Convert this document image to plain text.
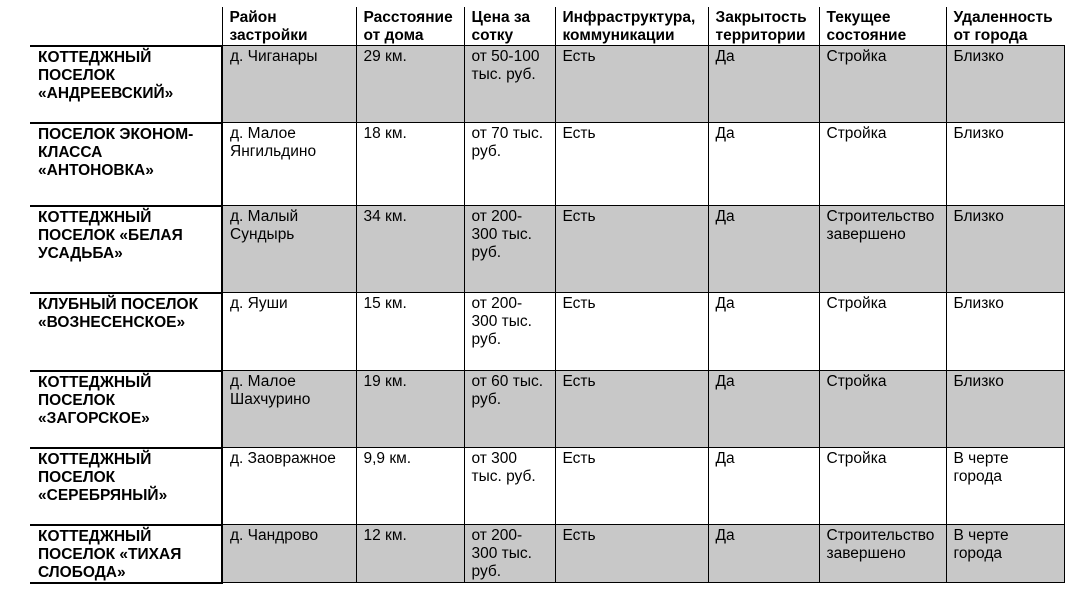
	Район застройки	Расстояние от дома	Цена за сотку	Инфраструктура, коммуникации	Закрытость территории	Текущее состояние	Удаленность от города
КОТТЕДЖНЫЙ ПОСЕЛОК «АНДРЕЕВСКИЙ»	д. Чиганары	29 км.	от 50-100 тыс. руб.	Есть	Да	Стройка	Близко
ПОСЕЛОК ЭКОНОМ-КЛАССА «АНТОНОВКА»	д. Малое Янгильдино	18 км.	от 70 тыс. руб.	Есть	Да	Стройка	Близко
КОТТЕДЖНЫЙ ПОСЕЛОК «БЕЛАЯ УСАДЬБА»	д. Малый Сундырь	34 км.	от 200-300 тыс. руб.	Есть	Да	Строительство завершено	Близко
КЛУБНЫЙ ПОСЕЛОК «ВОЗНЕСЕНСКОЕ»	д. Яуши	15 км.	от 200-300 тыс. руб.	Есть	Да	Стройка	Близко
КОТТЕДЖНЫЙ ПОСЕЛОК «ЗАГОРСКОЕ»	д. Малое Шахчурино	19 км.	от 60 тыс. руб.	Есть	Да	Стройка	Близко
КОТТЕДЖНЫЙ ПОСЕЛОК «СЕРЕБРЯНЫЙ»	д. Заовражное	9,9 км.	от 300 тыс. руб.	Есть	Да	Стройка	В черте города
КОТТЕДЖНЫЙ ПОСЕЛОК «ТИХАЯ СЛОБОДА»	д. Чандрово	12 км.	от 200-300 тыс. руб.	Есть	Да	Строительство завершено	В черте города
